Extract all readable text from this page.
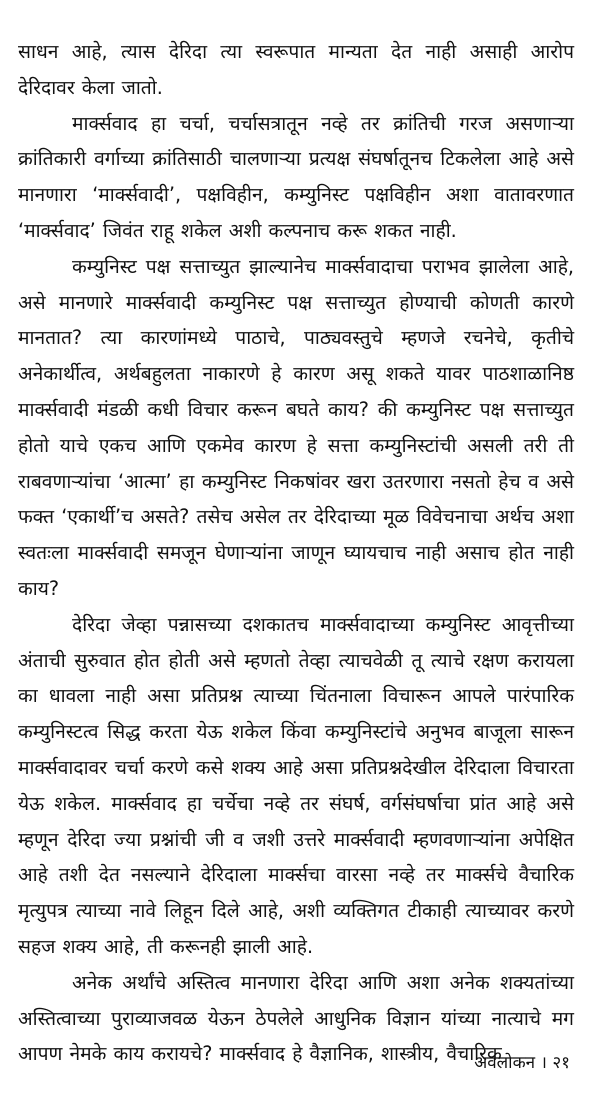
साधन आहे, त्यास देरिदा त्या स्वरूपात मान्यता देत नाही असाही आरोप देरिदावर केला जातो.

मार्क्सवाद हा चर्चा, चर्चासत्रातून नव्हे तर क्रांतिची गरज असणाऱ्या क्रांतिकारी वर्गाच्या क्रांतिसाठी चालणाऱ्या प्रत्यक्ष संघर्षातूनच टिकलेला आहे असे मानणारा ‘मार्क्सवादी’, पक्षविहीन, कम्युनिस्ट पक्षविहीन अशा वातावरणात ‘मार्क्सवाद’ जिवंत राहू शकेल अशी कल्पनाच करू शकत नाही.

कम्युनिस्ट पक्ष सत्ताच्युत झाल्यानेच मार्क्सवादाचा पराभव झालेला आहे, असे मानणारे मार्क्सवादी कम्युनिस्ट पक्ष सत्ताच्युत होण्याची कोणती कारणे मानतात? त्या कारणांमध्ये पाठाचे, पाठ्यवस्तुचे म्हणजे रचनेचे, कृतीचे अनेकार्थीत्व, अर्थबहुलता नाकारणे हे कारण असू शकते यावर पाठशाळानिष्ठ मार्क्सवादी मंडळी कधी विचार करून बघते काय? की कम्युनिस्ट पक्ष सत्ताच्युत होतो याचे एकच आणि एकमेव कारण हे सत्ता कम्युनिस्टांची असली तरी ती राबवणाऱ्यांचा ‘आत्मा’ हा कम्युनिस्ट निकषांवर खरा उतरणारा नसतो हेच व असे फक्त ‘एकार्थी’च असते? तसेच असेल तर देरिदाच्या मूळ विवेचनाचा अर्थच अशा स्वतःला मार्क्सवादी समजून घेणाऱ्यांना जाणून घ्यायचाच नाही असाच होत नाही काय?

देरिदा जेव्हा पन्नासच्या दशकातच मार्क्सवादाच्या कम्युनिस्ट आवृत्तीच्या अंताची सुरुवात होत होती असे म्हणतो तेव्हा त्याचवेळी तू त्याचे रक्षण करायला का धावला नाही असा प्रतिप्रश्न त्याच्या चिंतनाला विचारून आपले पारंपारिक कम्युनिस्टत्व सिद्ध करता येऊ शकेल किंवा कम्युनिस्टांचे अनुभव बाजूला सारून मार्क्सवादावर चर्चा करणे कसे शक्य आहे असा प्रतिप्रश्नदेखील देरिदाला विचारता येऊ शकेल. मार्क्सवाद हा चर्चेचा नव्हे तर संघर्ष, वर्गसंघर्षाचा प्रांत आहे असे म्हणून देरिदा ज्या प्रश्नांची जी व जशी उत्तरे मार्क्सवादी म्हणवणाऱ्यांना अपेक्षित आहे तशी देत नसल्याने देरिदाला मार्क्सचा वारसा नव्हे तर मार्क्सचे वैचारिक मृत्युपत्र त्याच्या नावे लिहून दिले आहे, अशी व्यक्तिगत टीकाही त्याच्यावर करणे सहज शक्य आहे, ती करूनही झाली आहे.

अनेक अर्थांचे अस्तित्व मानणारा देरिदा आणि अशा अनेक शक्यतांच्या अस्तित्वाच्या पुराव्याजवळ येऊन ठेपलेले आधुनिक विज्ञान यांच्या नात्याचे मग आपण नेमके काय करायचे? मार्क्सवाद हे वैज्ञानिक, शास्त्रीय, वैचारिक

अवलोकन । २१
